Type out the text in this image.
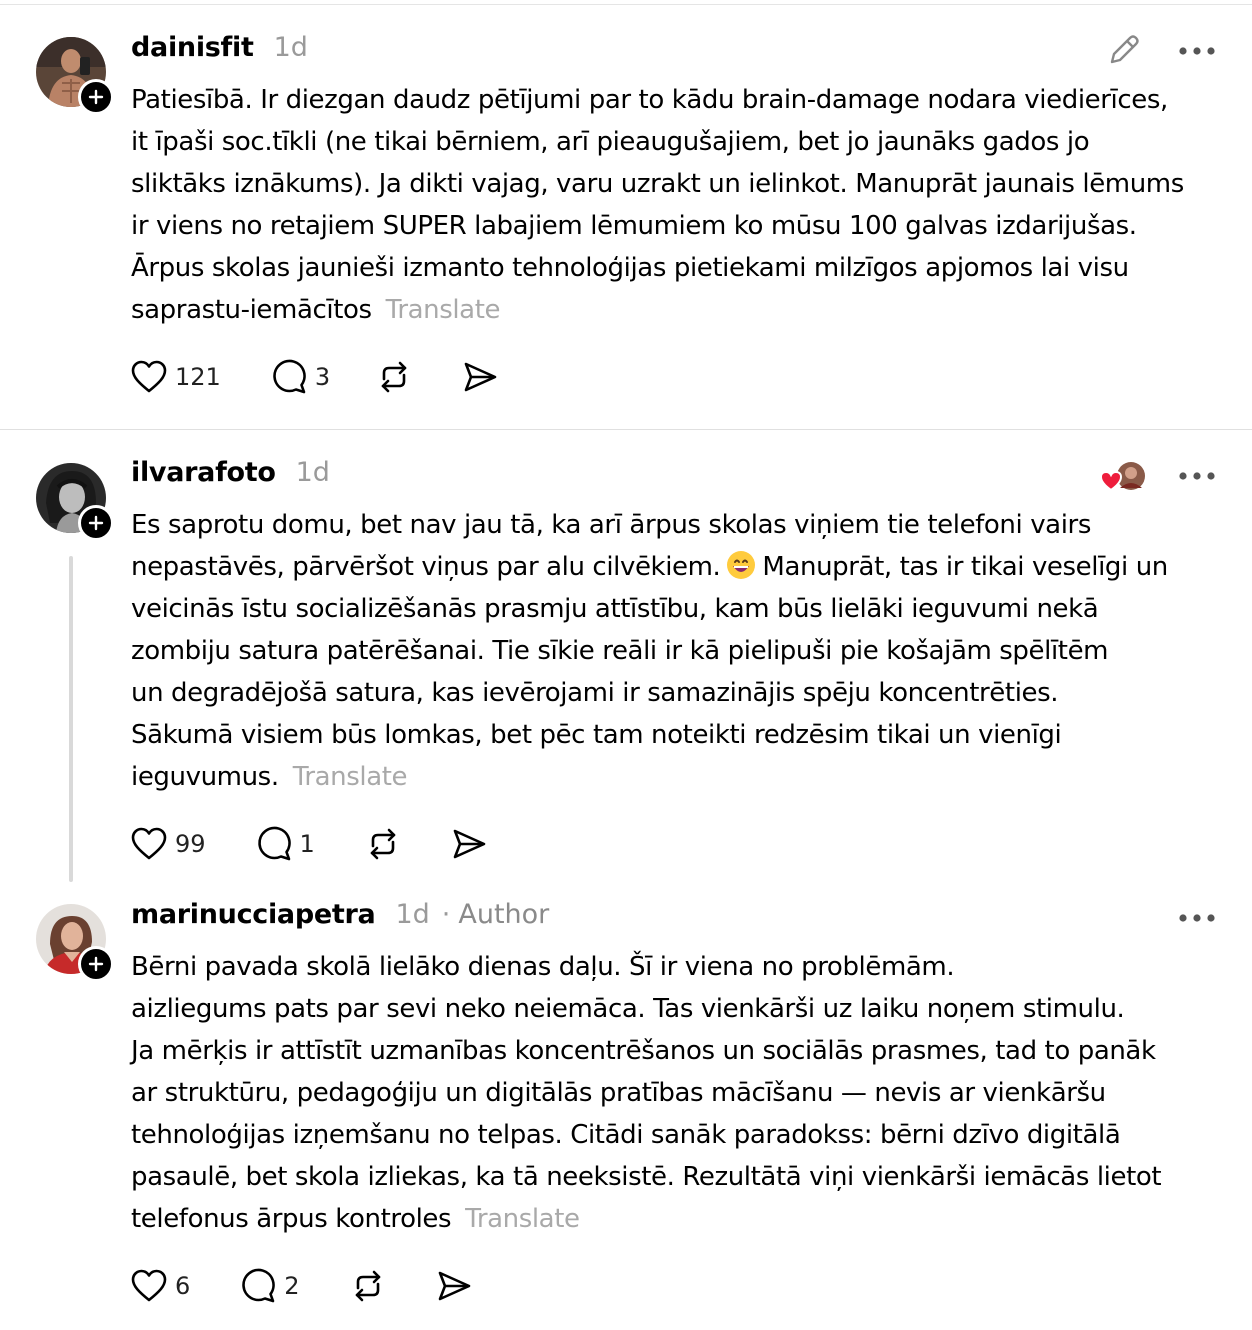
dainisfit 1d
Patiesībā. Ir diezgan daudz pētījumi par to kādu brain-damage nodara viedierīces,
it īpaši soc.tīkli (ne tikai bērniem, arī pieaugušajiem, bet jo jaunāks gados jo
sliktāks iznākums). Ja dikti vajag, varu uzrakt un ielinkot. Manuprāt jaunais lēmums
ir viens no retajiem SUPER labajiem lēmumiem ko mūsu 100 galvas izdarijušas.
Ārpus skolas jaunieši izmanto tehnoloģijas pietiekami milzīgos apjomos lai visu
saprastu-iemācītos Translate
121	3
ilvarafoto 1d
Es saprotu domu, bet nav jau tā, ka arī ārpus skolas viņiem tie telefoni vairs
nepastāvēs, pārvēršot viņus par alu cilvēkiem. Manuprāt, tas ir tikai veselīgi un
veicinās īstu socializēšanās prasmju attīstību, kam būs lielāki ieguvumi nekā
zombiju satura patērēšanai. Tie sīkie reāli ir kā pielipuši pie košajām spēlītēm
un degradējošā satura, kas ievērojami ir samazinājis spēju koncentrēties.
Sākumā visiem būs lomkas, bet pēc tam noteikti redzēsim tikai un vienīgi
ieguvumus. Translate
99	1
marinucciapetra 1d · Author
Bērni pavada skolā lielāko dienas daļu. Šī ir viena no problēmām.
aizliegums pats par sevi neko neiemāca. Tas vienkārši uz laiku noņem stimulu.
Ja mērķis ir attīstīt uzmanības koncentrēšanos un sociālās prasmes, tad to panāk
ar struktūru, pedagoģiju un digitālās pratības mācīšanu — nevis ar vienkāršu
tehnoloģijas izņemšanu no telpas. Citādi sanāk paradokss: bērni dzīvo digitālā
pasaulē, bet skola izliekas, ka tā neeksistē. Rezultātā viņi vienkārši iemācās lietot
telefonus ārpus kontroles Translate
6	2
